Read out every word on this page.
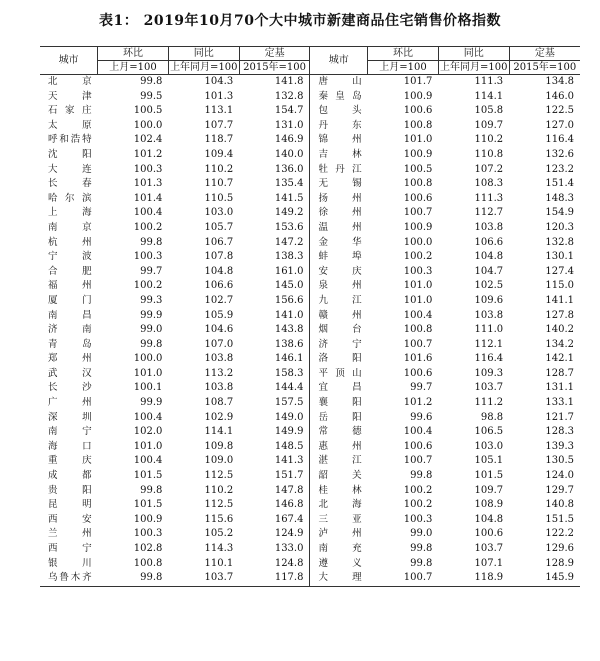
表1： 2019年10月70个大中城市新建商品住宅销售价格指数
城市	环比	同比	定基	城市	环比	同比	定基
	上月=100	上年同月=100	2015年=100		上月=100	上年同月=100	2015年=100
北　　京	99.8	104.3	141.8	唐　　山	101.7	111.3	134.8
天　　津	99.5	101.3	132.8	秦皇岛	100.9	114.1	146.0
石家庄	100.5	113.1	154.7	包　　头	100.6	105.8	122.5
太　　原	100.0	107.7	131.0	丹　　东	100.8	109.7	127.0
呼和浩特	102.4	118.7	146.9	锦　　州	101.0	110.2	116.4
沈　　阳	101.2	109.4	140.0	吉　　林	100.9	110.8	132.6
大　　连	100.3	110.2	136.0	牡丹江	100.5	107.2	123.2
长　　春	101.3	110.7	135.4	无　　锡	100.8	108.3	151.4
哈尔滨	101.4	110.5	141.5	扬　　州	100.6	111.3	148.3
上　　海	100.4	103.0	149.2	徐　　州	100.7	112.7	154.9
南　　京	100.2	105.7	153.6	温　　州	100.9	103.8	120.3
杭　　州	99.8	106.7	147.2	金　　华	100.0	106.6	132.8
宁　　波	100.3	107.8	138.3	蚌　　埠	100.2	104.8	130.1
合　　肥	99.7	104.8	161.0	安　　庆	100.3	104.7	127.4
福　　州	100.2	106.6	145.0	泉　　州	101.0	102.5	115.0
厦　　门	99.3	102.7	156.6	九　　江	101.0	109.6	141.1
南　　昌	99.9	105.9	141.0	赣　　州	100.4	103.8	127.8
济　　南	99.0	104.6	143.8	烟　　台	100.8	111.0	140.2
青　　岛	99.8	107.0	138.6	济　　宁	100.7	112.1	134.2
郑　　州	100.0	103.8	146.1	洛　　阳	101.6	116.4	142.1
武　　汉	101.0	113.2	158.3	平顶山	100.6	109.3	128.7
长　　沙	100.1	103.8	144.4	宜　　昌	99.7	103.7	131.1
广　　州	99.9	108.7	157.5	襄　　阳	101.2	111.2	133.1
深　　圳	100.4	102.9	149.0	岳　　阳	99.6	98.8	121.7
南　　宁	102.0	114.1	149.9	常　　德	100.4	106.5	128.3
海　　口	101.0	109.8	148.5	惠　　州	100.6	103.0	139.3
重　　庆	100.4	109.0	141.3	湛　　江	100.7	105.1	130.5
成　　都	101.5	112.5	151.7	韶　　关	99.8	101.5	124.0
贵　　阳	99.8	110.2	147.8	桂　　林	100.2	109.7	129.7
昆　　明	101.5	112.5	146.8	北　　海	100.2	108.9	140.8
西　　安	100.9	115.6	167.4	三　　亚	100.3	104.8	151.5
兰　　州	100.3	105.2	124.9	泸　　州	99.0	100.6	122.2
西　　宁	102.8	114.3	133.0	南　　充	99.8	103.7	129.6
银　　川	100.8	110.1	124.8	遵　　义	99.8	107.1	128.9
乌鲁木齐	99.8	103.7	117.8	大　　理	100.7	118.9	145.9
